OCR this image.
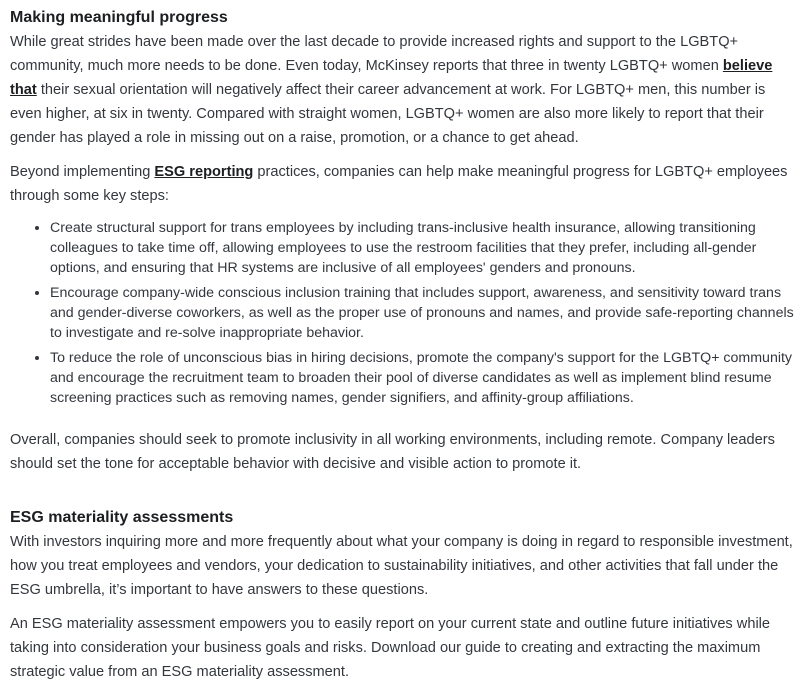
Making meaningful progress

While great strides have been made over the last decade to provide increased rights and support to the LGBTQ+ community, much more needs to be done. Even today, McKinsey reports that three in twenty LGBTQ+ women believe that their sexual orientation will negatively affect their career advancement at work. For LGBTQ+ men, this number is even higher, at six in twenty. Compared with straight women, LGBTQ+ women are also more likely to report that their gender has played a role in missing out on a raise, promotion, or a chance to get ahead.

Beyond implementing ESG reporting practices, companies can help make meaningful progress for LGBTQ+ employees through some key steps:

• Create structural support for trans employees by including trans-inclusive health insurance, allowing transitioning colleagues to take time off, allowing employees to use the restroom facilities that they prefer, including all-gender options, and ensuring that HR systems are inclusive of all employees' genders and pronouns.
• Encourage company-wide conscious inclusion training that includes support, awareness, and sensitivity toward trans and gender-diverse coworkers, as well as the proper use of pronouns and names, and provide safe-reporting channels to investigate and re-solve inappropriate behavior.
• To reduce the role of unconscious bias in hiring decisions, promote the company's support for the LGBTQ+ community and encourage the recruitment team to broaden their pool of diverse candidates as well as implement blind resume screening practices such as removing names, gender signifiers, and affinity-group affiliations.

Overall, companies should seek to promote inclusivity in all working environments, including remote. Company leaders should set the tone for acceptable behavior with decisive and visible action to promote it.

ESG materiality assessments

With investors inquiring more and more frequently about what your company is doing in regard to responsible investment, how you treat employees and vendors, your dedication to sustainability initiatives, and other activities that fall under the ESG umbrella, it’s important to have answers to these questions.

An ESG materiality assessment empowers you to easily report on your current state and outline future initiatives while taking into consideration your business goals and risks. Download our guide to creating and extracting the maximum strategic value from an ESG materiality assessment.
